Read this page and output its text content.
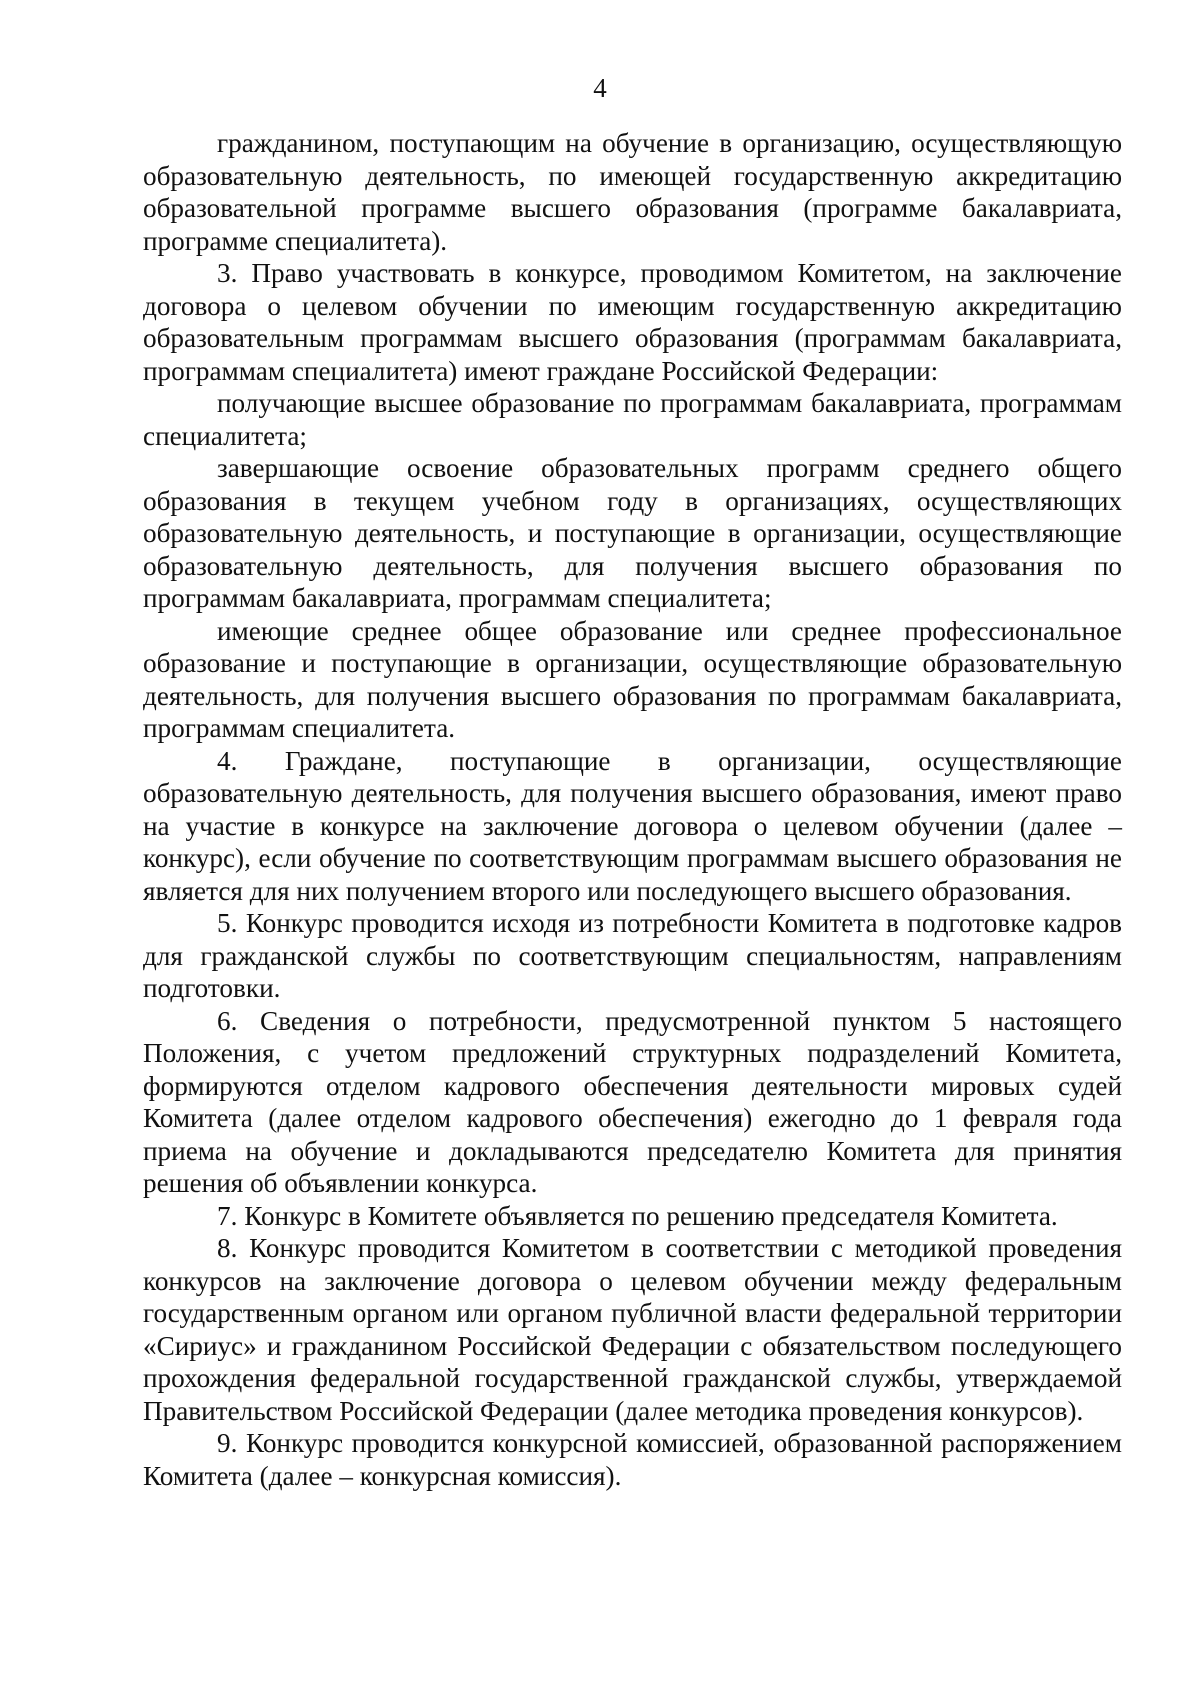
4

гражданином, поступающим на обучение в организацию, осуществляющую образовательную деятельность, по имеющей государственную аккредитацию образовательной программе высшего образования (программе бакалавриата, программе специалитета).

3. Право участвовать в конкурсе, проводимом Комитетом, на заключение договора о целевом обучении по имеющим государственную аккредитацию образовательным программам высшего образования (программам бакалавриата, программам специалитета) имеют граждане Российской Федерации:

получающие высшее образование по программам бакалавриата, программам специалитета;

завершающие освоение образовательных программ среднего общего образования в текущем учебном году в организациях, осуществляющих образовательную деятельность, и поступающие в организации, осуществляющие образовательную деятельность, для получения высшего образования по программам бакалавриата, программам специалитета;

имеющие среднее общее образование или среднее профессиональное образование и поступающие в организации, осуществляющие образовательную деятельность, для получения высшего образования по программам бакалавриата, программам специалитета.

4. Граждане, поступающие в организации, осуществляющие образовательную деятельность, для получения высшего образования, имеют право на участие в конкурсе на заключение договора о целевом обучении (далее – конкурс), если обучение по соответствующим программам высшего образования не является для них получением второго или последующего высшего образования.

5. Конкурс проводится исходя из потребности Комитета в подготовке кадров для гражданской службы по соответствующим специальностям, направлениям подготовки.

6. Сведения о потребности, предусмотренной пунктом 5 настоящего Положения, с учетом предложений структурных подразделений Комитета, формируются отделом кадрового обеспечения деятельности мировых судей Комитета (далее отделом кадрового обеспечения) ежегодно до 1 февраля года приема на обучение и докладываются председателю Комитета для принятия решения об объявлении конкурса.

7. Конкурс в Комитете объявляется по решению председателя Комитета.

8. Конкурс проводится Комитетом в соответствии с методикой проведения конкурсов на заключение договора о целевом обучении между федеральным государственным органом или органом публичной власти федеральной территории «Сириус» и гражданином Российской Федерации с обязательством последующего прохождения федеральной государственной гражданской службы, утверждаемой Правительством Российской Федерации (далее методика проведения конкурсов).

9. Конкурс проводится конкурсной комиссией, образованной распоряжением Комитета (далее – конкурсная комиссия).
